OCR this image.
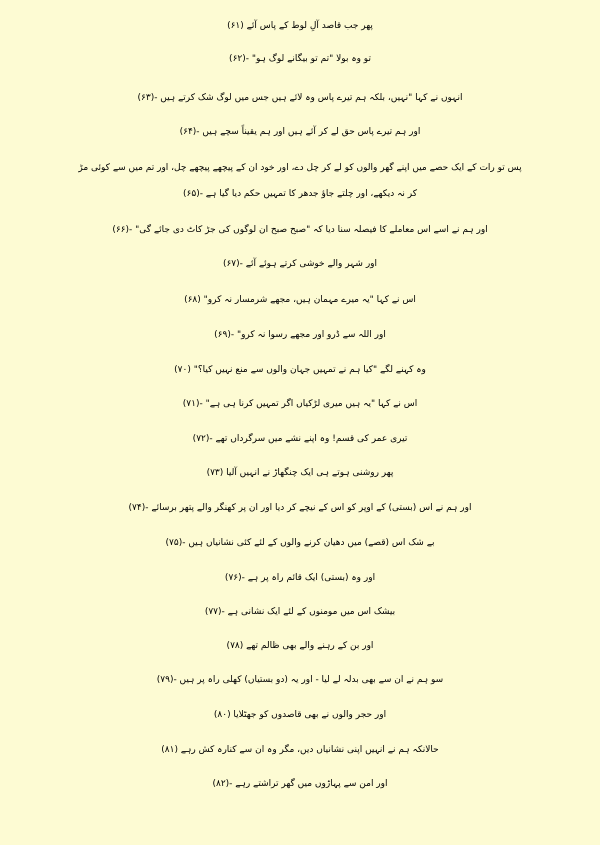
پھر جب قاصد آلِ لوط کے پاس آئے (۶۱)
تو وہ بولا "تم تو بیگانے لوگ ہو" -(۶۲)
انہوں نے کہا "نہیں، بلکہ ہم تیرے پاس وہ لائے ہیں جس میں لوگ شک کرتے ہیں -(۶۳)
اور ہم تیرے پاس حق لے کر آئے ہیں اور ہم یقیناً سچے ہیں -(۶۴)
پس تو رات کے ایک حصے میں اپنے گھر والوں کو لے کر چل دے، اور خود ان کے پیچھے پیچھے چل، اور تم میں سے کوئی مڑ
کر نہ دیکھے، اور چلتے جاؤ جدھر کا تمہیں حکم دیا گیا ہے -(۶۵)
اور ہم نے اسے اس معاملے کا فیصلہ سنا دیا کہ "صبح صبح ان لوگوں کی جڑ کاٹ دی جائے گی" -(۶۶)
اور شہر والے خوشی کرتے ہوئے آئے -(۶۷)
اس نے کہا "یہ میرے مہمان ہیں، مجھے شرمسار نہ کرو" (۶۸)
اور اللہ سے ڈرو اور مجھے رسوا نہ کرو" -(۶۹)
وہ کہنے لگے "کیا ہم نے تمہیں جہان والوں سے منع نہیں کیا؟" (۷۰)
اس نے کہا "یہ ہیں میری لڑکیاں اگر تمہیں کرنا ہی ہے" -(۷۱)
تیری عمر کی قسم! وہ اپنے نشے میں سرگرداں تھے -(۷۲)
پھر روشنی ہوتے ہی ایک چنگھاڑ نے انہیں آلیا (۷۳)
اور ہم نے اس (بستی) کے اوپر کو اس کے نیچے کر دیا اور ان پر کھنگر والے پتھر برسائے -(۷۴)
بے شک اس (قصے) میں دھیان کرنے والوں کے لئے کئی نشانیاں ہیں -(۷۵)
اور وہ (بستی) ایک قائم راہ پر ہے -(۷۶)
بیشک اس میں مومنوں کے لئے ایک نشانی ہے -(۷۷)
اور بن کے رہنے والے بھی ظالم تھے (۷۸)
سو ہم نے ان سے بھی بدلہ لے لیا - اور یہ (دو بستیاں) کھلی راہ پر ہیں -(۷۹)
اور حجر والوں نے بھی قاصدوں کو جھٹلایا (۸۰)
حالانکہ ہم نے انہیں اپنی نشانیاں دیں، مگر وہ ان سے کنارہ کش رہے (۸۱)
اور امن سے پہاڑوں میں گھر تراشتے رہے -(۸۲)
